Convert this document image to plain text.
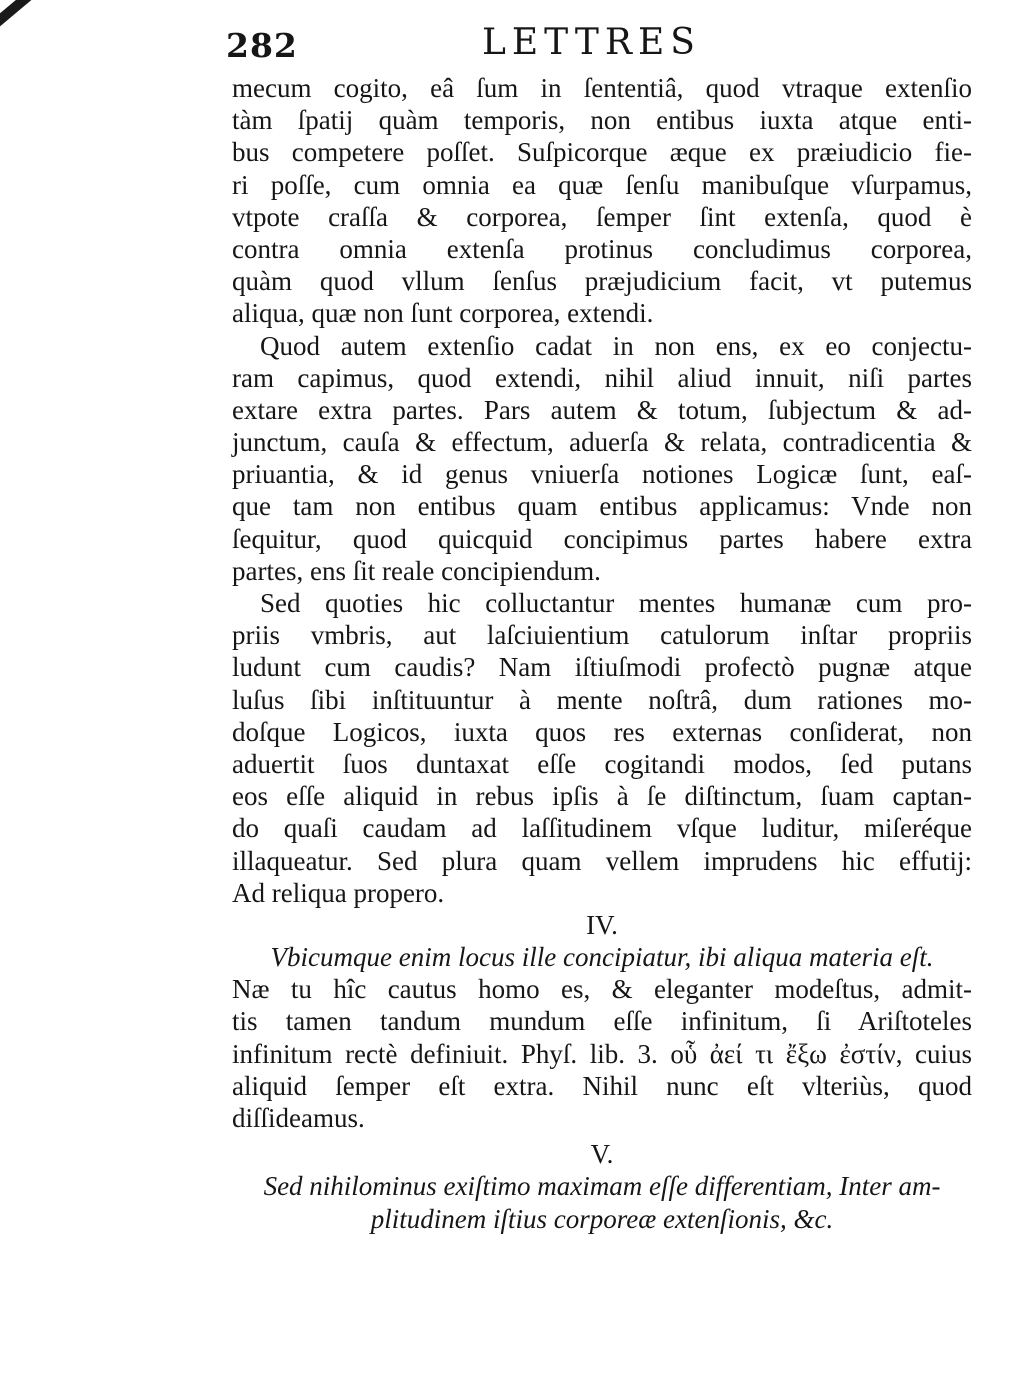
282	LETTRES
mecum cogito, eâ ſum in ſententiâ, quod vtraque extenſio
tàm ſpatij quàm temporis, non entibus iuxta atque enti-
bus competere poſſet. Suſpicorque æque ex præiudicio fie-
ri poſſe, cum omnia ea quæ ſenſu manibuſque vſurpamus,
vtpote craſſa & corporea, ſemper ſint extenſa, quod è
contra omnia extenſa protinus concludimus corporea,
quàm quod vllum ſenſus præjudicium facit, vt putemus
aliqua, quæ non ſunt corporea, extendi.
Quod autem extenſio cadat in non ens, ex eo conjectu-
ram capimus, quod extendi, nihil aliud innuit, niſi partes
extare extra partes. Pars autem & totum, ſubjectum & ad-
junctum, cauſa & effectum, aduerſa & relata, contradicentia &
priuantia, & id genus vniuerſa notiones Logicæ ſunt, eaſ-
que tam non entibus quam entibus applicamus: Vnde non
ſequitur, quod quicquid concipimus partes habere extra
partes, ens ſit reale concipiendum.
Sed quoties hic colluctantur mentes humanæ cum pro-
priis vmbris, aut laſciuientium catulorum inſtar propriis
ludunt cum caudis? Nam iſtiuſmodi profectò pugnæ atque
luſus ſibi inſtituuntur à mente noſtrâ, dum rationes mo-
doſque Logicos, iuxta quos res externas conſiderat, non
aduertit ſuos duntaxat eſſe cogitandi modos, ſed putans
eos eſſe aliquid in rebus ipſis à ſe diſtinctum, ſuam captan-
do quaſi caudam ad laſſitudinem vſque luditur, miſeréque
illaqueatur. Sed plura quam vellem imprudens hic effutij:
Ad reliqua propero.
IV.
Vbicumque enim locus ille concipiatur, ibi aliqua materia eſt.
Næ tu hîc cautus homo es, & eleganter modeſtus, admit-
tis tamen tandum mundum eſſe infinitum, ſi Ariſtoteles
infinitum rectè definiuit. Phyſ. lib. 3. οὗ ἀεί τι ἔξω ἐστίν, cuius
aliquid ſemper eſt extra. Nihil nunc eſt vlteriùs, quod
diſſideamus.
V.
Sed nihilominus exiſtimo maximam eſſe differentiam, Inter am-
plitudinem iſtius corporeæ extenſionis, &c.
